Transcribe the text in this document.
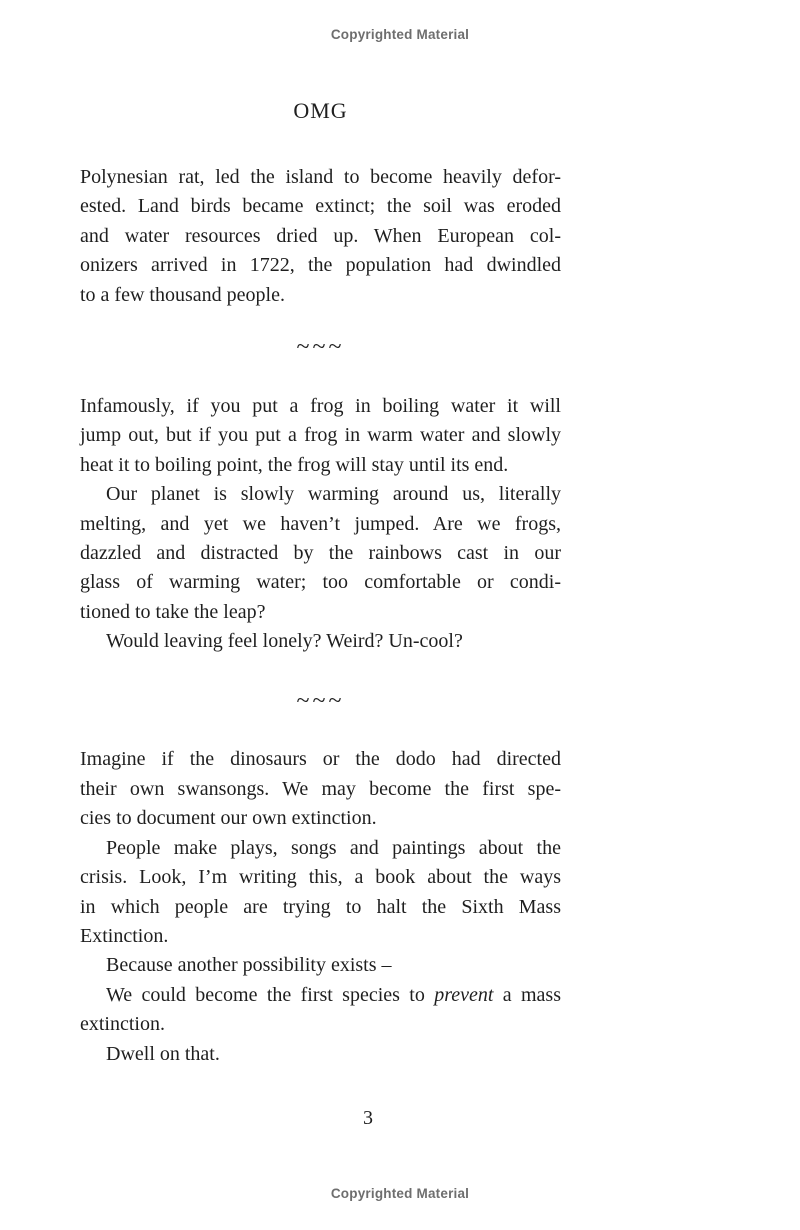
Copyrighted Material
OMG
Polynesian rat, led the island to become heavily defor-
ested. Land birds became extinct; the soil was eroded
and water resources dried up. When European col-
onizers arrived in 1722, the population had dwindled
to a few thousand people.
~~~
Infamously, if you put a frog in boiling water it will
jump out, but if you put a frog in warm water and slowly
heat it to boiling point, the frog will stay until its end.
Our planet is slowly warming around us, literally
melting, and yet we haven’t jumped. Are we frogs,
dazzled and distracted by the rainbows cast in our
glass of warming water; too comfortable or condi-
tioned to take the leap?
Would leaving feel lonely? Weird? Un-cool?
~~~
Imagine if the dinosaurs or the dodo had directed
their own swansongs. We may become the first spe-
cies to document our own extinction.
People make plays, songs and paintings about the
crisis. Look, I’m writing this, a book about the ways
in which people are trying to halt the Sixth Mass
Extinction.
Because another possibility exists –
We could become the first species to prevent a mass
extinction.
Dwell on that.
3
Copyrighted Material
